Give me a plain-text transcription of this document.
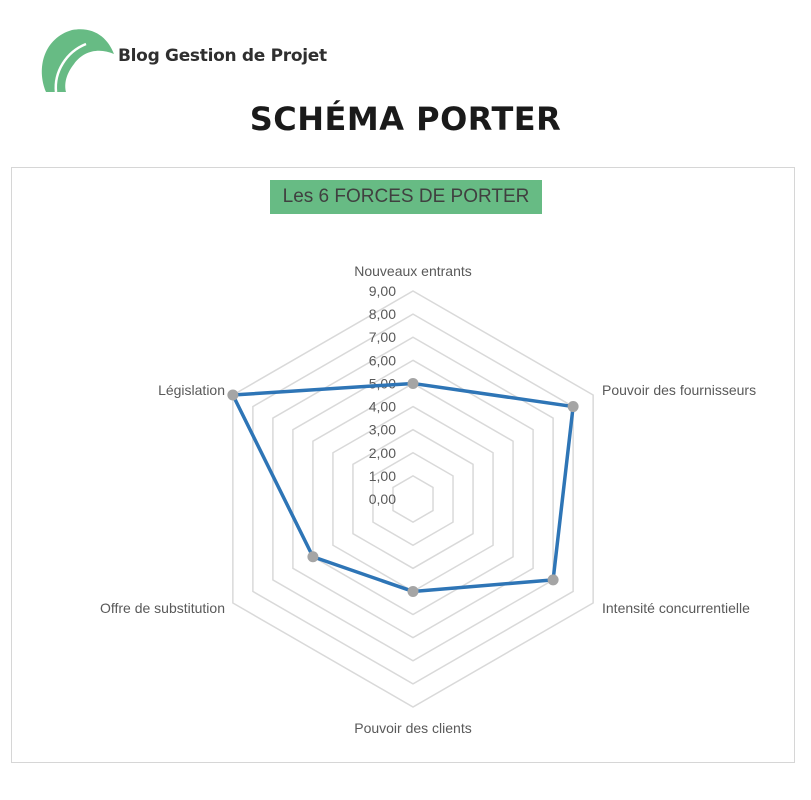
Blog Gestion de Projet
SCHÉMA PORTER
Les 6 FORCES DE PORTER
0,00
1,00
2,00
3,00
4,00
5,00
6,00
7,00
8,00
9,00
Nouveaux entrants
Pouvoir des fournisseurs
Intensité concurrentielle
Pouvoir des clients
Offre de substitution
Législation
